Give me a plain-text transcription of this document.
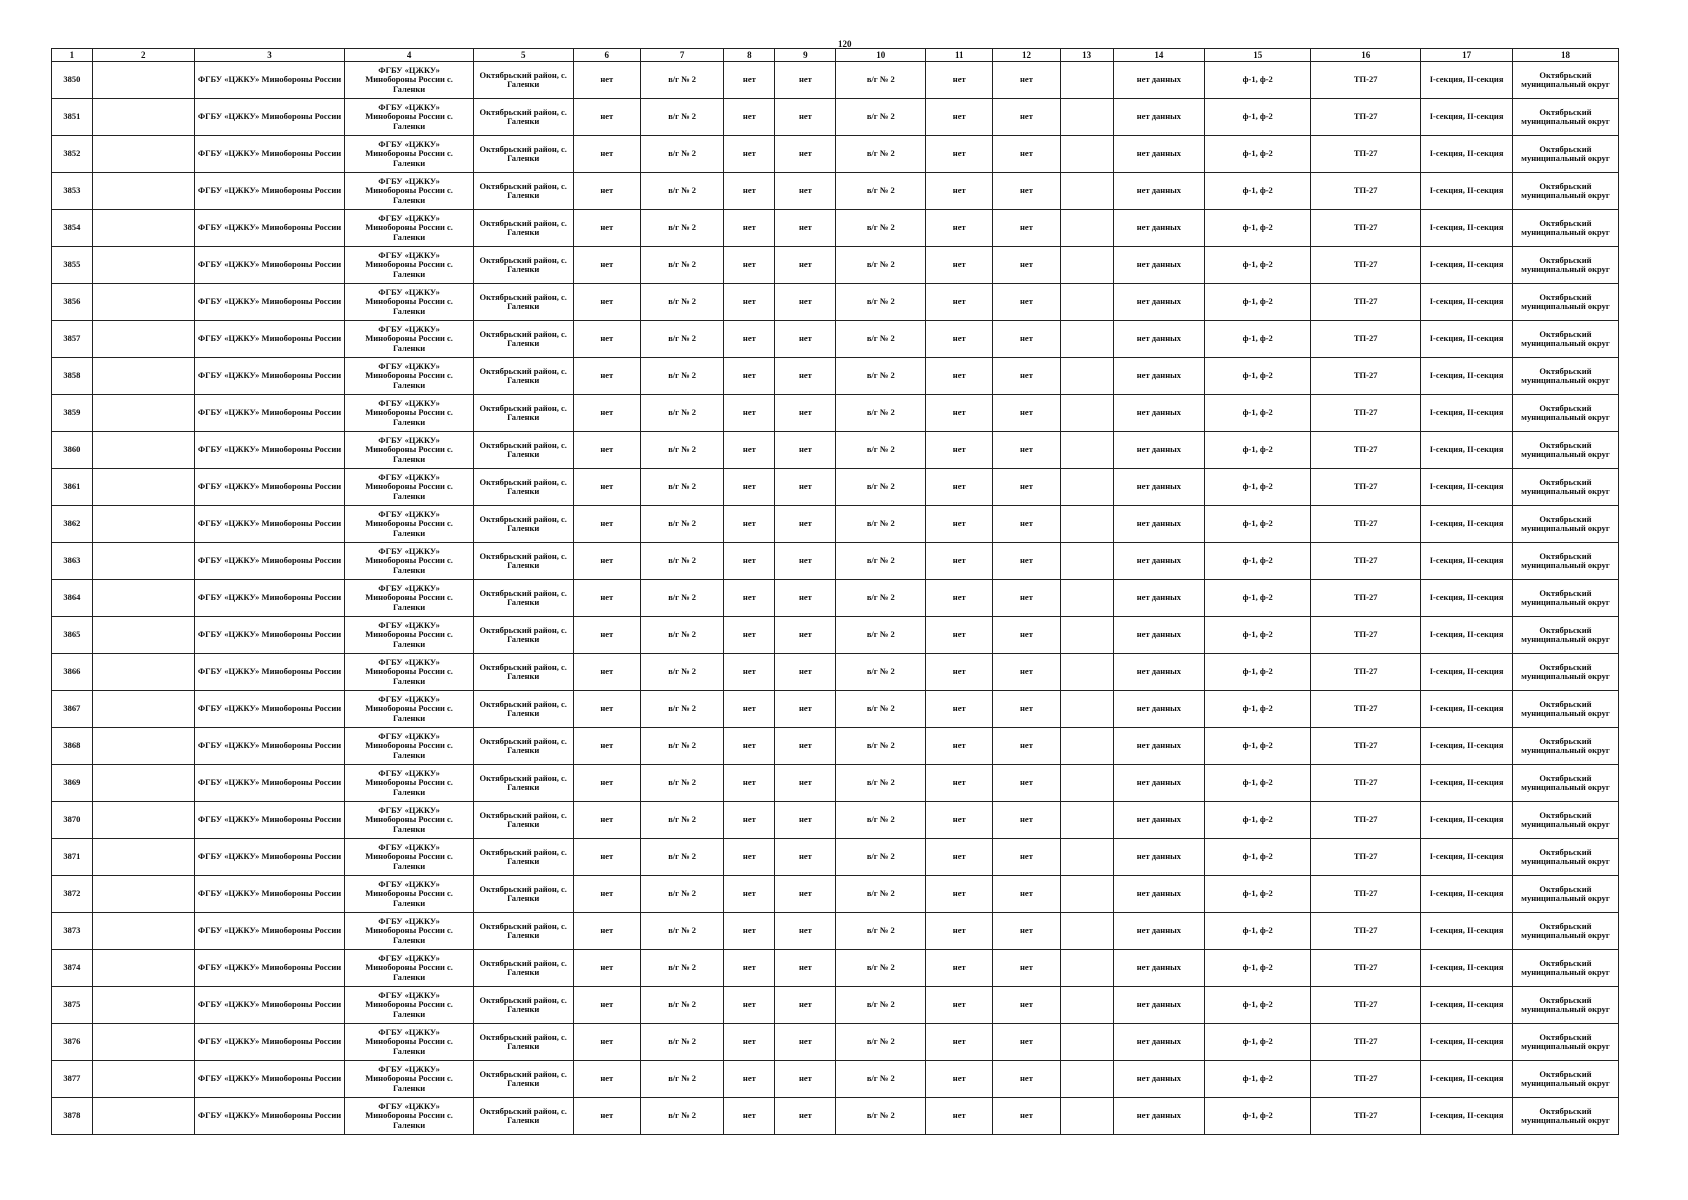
120
1	2	3	4	5	6	7	8	9	10	11	12	13	14	15	16	17	18
3850		ФГБУ «ЦЖКУ» Минобороны России	ФГБУ «ЦЖКУ»
Минобороны России с.
Галенки	Октябрьский район, с. Галенки	нет	в/г № 2	нет	нет	в/г № 2	нет	нет		нет данных	ф-1, ф-2	ТП-27	I-секция, II-секция	Октябрьский муниципальный округ
3851		ФГБУ «ЦЖКУ» Минобороны России	ФГБУ «ЦЖКУ»
Минобороны России с.
Галенки	Октябрьский район, с. Галенки	нет	в/г № 2	нет	нет	в/г № 2	нет	нет		нет данных	ф-1, ф-2	ТП-27	I-секция, II-секция	Октябрьский муниципальный округ
3852		ФГБУ «ЦЖКУ» Минобороны России	ФГБУ «ЦЖКУ»
Минобороны России с.
Галенки	Октябрьский район, с. Галенки	нет	в/г № 2	нет	нет	в/г № 2	нет	нет		нет данных	ф-1, ф-2	ТП-27	I-секция, II-секция	Октябрьский муниципальный округ
3853		ФГБУ «ЦЖКУ» Минобороны России	ФГБУ «ЦЖКУ»
Минобороны России с.
Галенки	Октябрьский район, с. Галенки	нет	в/г № 2	нет	нет	в/г № 2	нет	нет		нет данных	ф-1, ф-2	ТП-27	I-секция, II-секция	Октябрьский муниципальный округ
3854		ФГБУ «ЦЖКУ» Минобороны России	ФГБУ «ЦЖКУ»
Минобороны России с.
Галенки	Октябрьский район, с. Галенки	нет	в/г № 2	нет	нет	в/г № 2	нет	нет		нет данных	ф-1, ф-2	ТП-27	I-секция, II-секция	Октябрьский муниципальный округ
3855		ФГБУ «ЦЖКУ» Минобороны России	ФГБУ «ЦЖКУ»
Минобороны России с.
Галенки	Октябрьский район, с. Галенки	нет	в/г № 2	нет	нет	в/г № 2	нет	нет		нет данных	ф-1, ф-2	ТП-27	I-секция, II-секция	Октябрьский муниципальный округ
3856		ФГБУ «ЦЖКУ» Минобороны России	ФГБУ «ЦЖКУ»
Минобороны России с.
Галенки	Октябрьский район, с. Галенки	нет	в/г № 2	нет	нет	в/г № 2	нет	нет		нет данных	ф-1, ф-2	ТП-27	I-секция, II-секция	Октябрьский муниципальный округ
3857		ФГБУ «ЦЖКУ» Минобороны России	ФГБУ «ЦЖКУ»
Минобороны России с.
Галенки	Октябрьский район, с. Галенки	нет	в/г № 2	нет	нет	в/г № 2	нет	нет		нет данных	ф-1, ф-2	ТП-27	I-секция, II-секция	Октябрьский муниципальный округ
3858		ФГБУ «ЦЖКУ» Минобороны России	ФГБУ «ЦЖКУ»
Минобороны России с.
Галенки	Октябрьский район, с. Галенки	нет	в/г № 2	нет	нет	в/г № 2	нет	нет		нет данных	ф-1, ф-2	ТП-27	I-секция, II-секция	Октябрьский муниципальный округ
3859		ФГБУ «ЦЖКУ» Минобороны России	ФГБУ «ЦЖКУ»
Минобороны России с.
Галенки	Октябрьский район, с. Галенки	нет	в/г № 2	нет	нет	в/г № 2	нет	нет		нет данных	ф-1, ф-2	ТП-27	I-секция, II-секция	Октябрьский муниципальный округ
3860		ФГБУ «ЦЖКУ» Минобороны России	ФГБУ «ЦЖКУ»
Минобороны России с.
Галенки	Октябрьский район, с. Галенки	нет	в/г № 2	нет	нет	в/г № 2	нет	нет		нет данных	ф-1, ф-2	ТП-27	I-секция, II-секция	Октябрьский муниципальный округ
3861		ФГБУ «ЦЖКУ» Минобороны России	ФГБУ «ЦЖКУ»
Минобороны России с.
Галенки	Октябрьский район, с. Галенки	нет	в/г № 2	нет	нет	в/г № 2	нет	нет		нет данных	ф-1, ф-2	ТП-27	I-секция, II-секция	Октябрьский муниципальный округ
3862		ФГБУ «ЦЖКУ» Минобороны России	ФГБУ «ЦЖКУ»
Минобороны России с.
Галенки	Октябрьский район, с. Галенки	нет	в/г № 2	нет	нет	в/г № 2	нет	нет		нет данных	ф-1, ф-2	ТП-27	I-секция, II-секция	Октябрьский муниципальный округ
3863		ФГБУ «ЦЖКУ» Минобороны России	ФГБУ «ЦЖКУ»
Минобороны России с.
Галенки	Октябрьский район, с. Галенки	нет	в/г № 2	нет	нет	в/г № 2	нет	нет		нет данных	ф-1, ф-2	ТП-27	I-секция, II-секция	Октябрьский муниципальный округ
3864		ФГБУ «ЦЖКУ» Минобороны России	ФГБУ «ЦЖКУ»
Минобороны России с.
Галенки	Октябрьский район, с. Галенки	нет	в/г № 2	нет	нет	в/г № 2	нет	нет		нет данных	ф-1, ф-2	ТП-27	I-секция, II-секция	Октябрьский муниципальный округ
3865		ФГБУ «ЦЖКУ» Минобороны России	ФГБУ «ЦЖКУ»
Минобороны России с.
Галенки	Октябрьский район, с. Галенки	нет	в/г № 2	нет	нет	в/г № 2	нет	нет		нет данных	ф-1, ф-2	ТП-27	I-секция, II-секция	Октябрьский муниципальный округ
3866		ФГБУ «ЦЖКУ» Минобороны России	ФГБУ «ЦЖКУ»
Минобороны России с.
Галенки	Октябрьский район, с. Галенки	нет	в/г № 2	нет	нет	в/г № 2	нет	нет		нет данных	ф-1, ф-2	ТП-27	I-секция, II-секция	Октябрьский муниципальный округ
3867		ФГБУ «ЦЖКУ» Минобороны России	ФГБУ «ЦЖКУ»
Минобороны России с.
Галенки	Октябрьский район, с. Галенки	нет	в/г № 2	нет	нет	в/г № 2	нет	нет		нет данных	ф-1, ф-2	ТП-27	I-секция, II-секция	Октябрьский муниципальный округ
3868		ФГБУ «ЦЖКУ» Минобороны России	ФГБУ «ЦЖКУ»
Минобороны России с.
Галенки	Октябрьский район, с. Галенки	нет	в/г № 2	нет	нет	в/г № 2	нет	нет		нет данных	ф-1, ф-2	ТП-27	I-секция, II-секция	Октябрьский муниципальный округ
3869		ФГБУ «ЦЖКУ» Минобороны России	ФГБУ «ЦЖКУ»
Минобороны России с.
Галенки	Октябрьский район, с. Галенки	нет	в/г № 2	нет	нет	в/г № 2	нет	нет		нет данных	ф-1, ф-2	ТП-27	I-секция, II-секция	Октябрьский муниципальный округ
3870		ФГБУ «ЦЖКУ» Минобороны России	ФГБУ «ЦЖКУ»
Минобороны России с.
Галенки	Октябрьский район, с. Галенки	нет	в/г № 2	нет	нет	в/г № 2	нет	нет		нет данных	ф-1, ф-2	ТП-27	I-секция, II-секция	Октябрьский муниципальный округ
3871		ФГБУ «ЦЖКУ» Минобороны России	ФГБУ «ЦЖКУ»
Минобороны России с.
Галенки	Октябрьский район, с. Галенки	нет	в/г № 2	нет	нет	в/г № 2	нет	нет		нет данных	ф-1, ф-2	ТП-27	I-секция, II-секция	Октябрьский муниципальный округ
3872		ФГБУ «ЦЖКУ» Минобороны России	ФГБУ «ЦЖКУ»
Минобороны России с.
Галенки	Октябрьский район, с. Галенки	нет	в/г № 2	нет	нет	в/г № 2	нет	нет		нет данных	ф-1, ф-2	ТП-27	I-секция, II-секция	Октябрьский муниципальный округ
3873		ФГБУ «ЦЖКУ» Минобороны России	ФГБУ «ЦЖКУ»
Минобороны России с.
Галенки	Октябрьский район, с. Галенки	нет	в/г № 2	нет	нет	в/г № 2	нет	нет		нет данных	ф-1, ф-2	ТП-27	I-секция, II-секция	Октябрьский муниципальный округ
3874		ФГБУ «ЦЖКУ» Минобороны России	ФГБУ «ЦЖКУ»
Минобороны России с.
Галенки	Октябрьский район, с. Галенки	нет	в/г № 2	нет	нет	в/г № 2	нет	нет		нет данных	ф-1, ф-2	ТП-27	I-секция, II-секция	Октябрьский муниципальный округ
3875		ФГБУ «ЦЖКУ» Минобороны России	ФГБУ «ЦЖКУ»
Минобороны России с.
Галенки	Октябрьский район, с. Галенки	нет	в/г № 2	нет	нет	в/г № 2	нет	нет		нет данных	ф-1, ф-2	ТП-27	I-секция, II-секция	Октябрьский муниципальный округ
3876		ФГБУ «ЦЖКУ» Минобороны России	ФГБУ «ЦЖКУ»
Минобороны России с.
Галенки	Октябрьский район, с. Галенки	нет	в/г № 2	нет	нет	в/г № 2	нет	нет		нет данных	ф-1, ф-2	ТП-27	I-секция, II-секция	Октябрьский муниципальный округ
3877		ФГБУ «ЦЖКУ» Минобороны России	ФГБУ «ЦЖКУ»
Минобороны России с.
Галенки	Октябрьский район, с. Галенки	нет	в/г № 2	нет	нет	в/г № 2	нет	нет		нет данных	ф-1, ф-2	ТП-27	I-секция, II-секция	Октябрьский муниципальный округ
3878		ФГБУ «ЦЖКУ» Минобороны России	ФГБУ «ЦЖКУ»
Минобороны России с.
Галенки	Октябрьский район, с. Галенки	нет	в/г № 2	нет	нет	в/г № 2	нет	нет		нет данных	ф-1, ф-2	ТП-27	I-секция, II-секция	Октябрьский муниципальный округ
